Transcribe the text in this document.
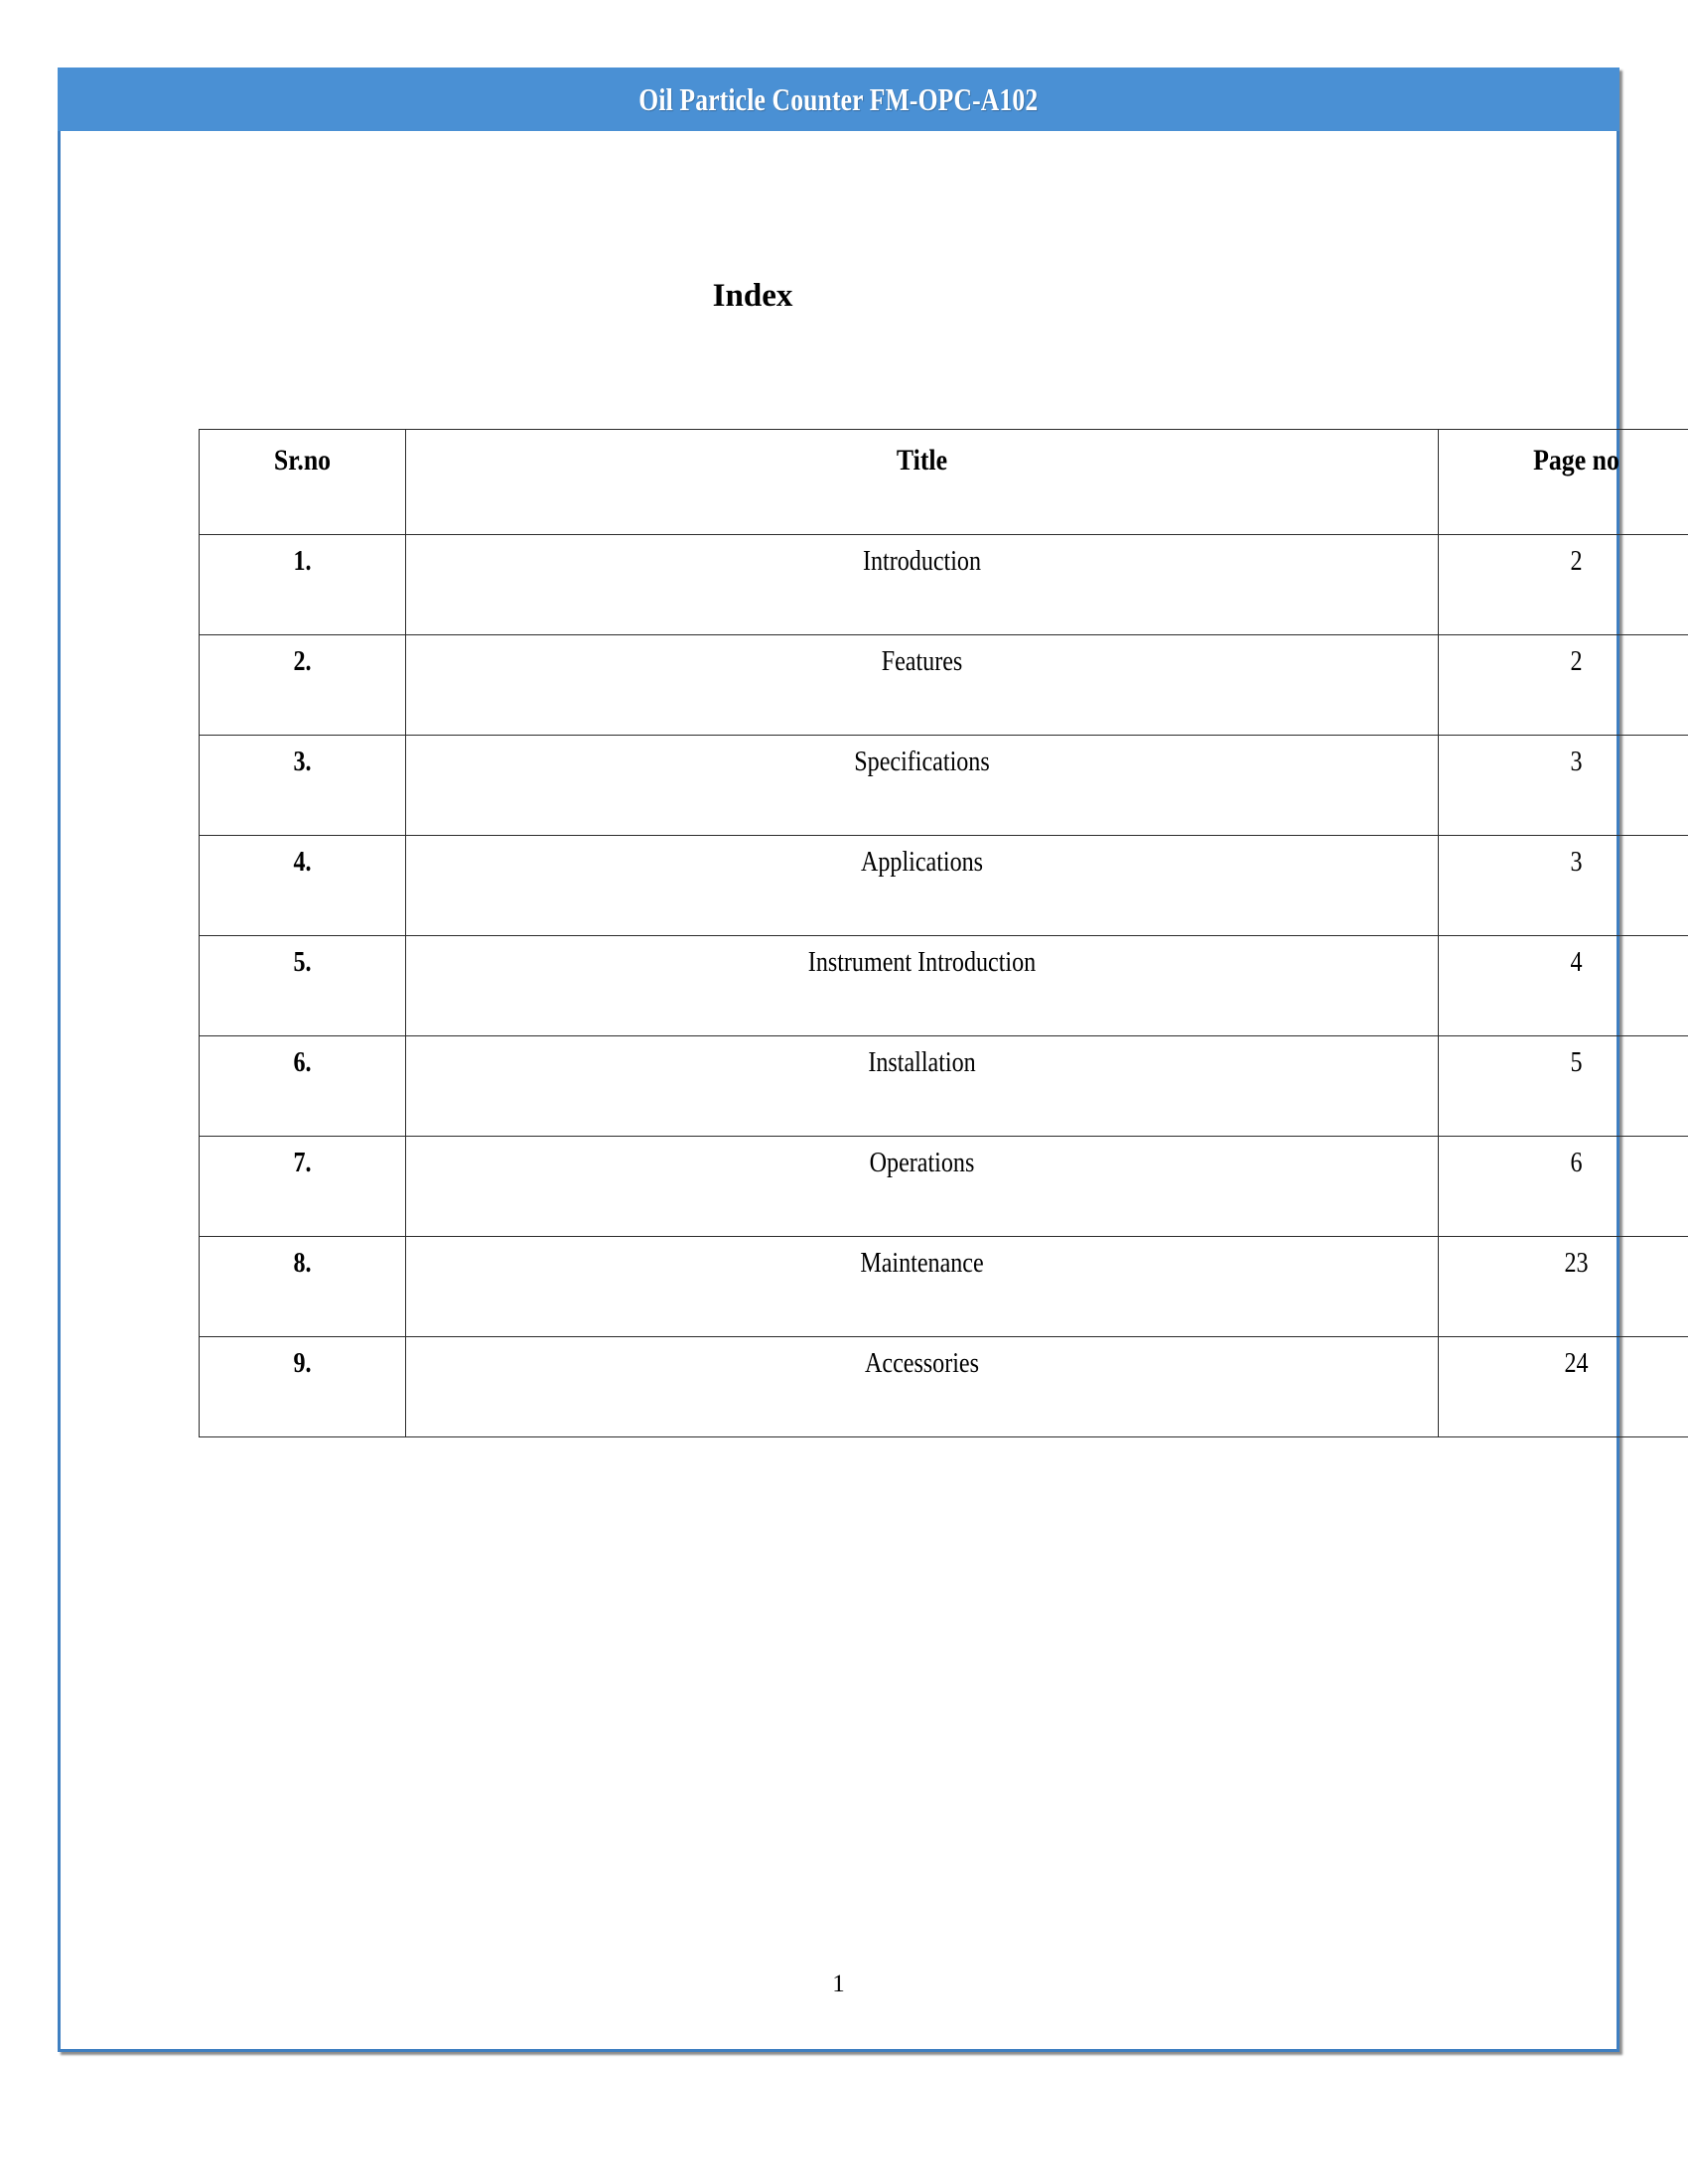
Oil Particle Counter FM-OPC-A102
Index
Sr.no	Title	Page no

1.	Introduction	2

2.	Features	2

3.	Specifications	3

4.	Applications	3

5.	Instrument Introduction	4

6.	Installation	5

7.	Operations	6

8.	Maintenance	23

9.	Accessories	24
1
